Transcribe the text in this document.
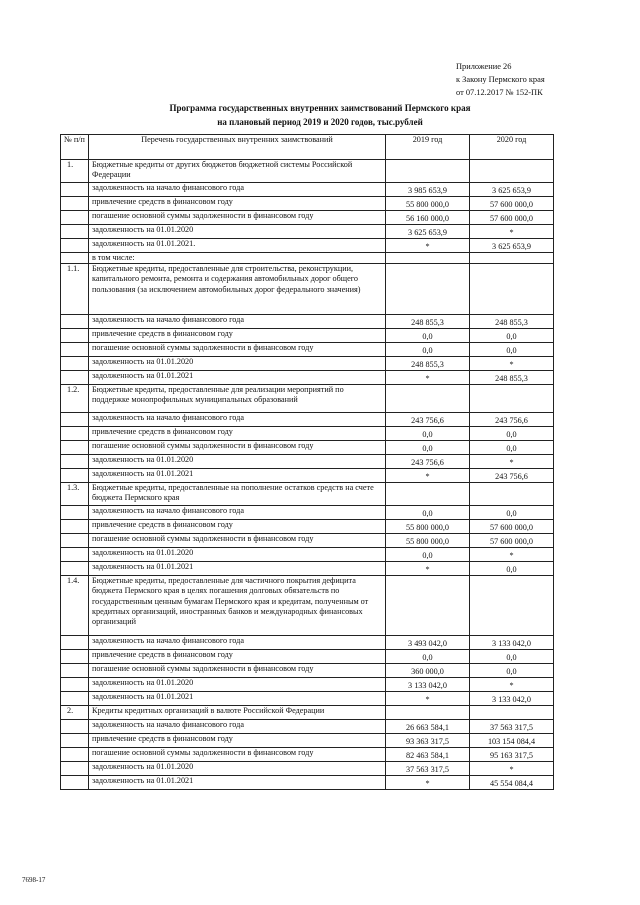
Приложение 26
к Закону Пермского края
от 07.12.2017 № 152-ПК
Программа государственных внутренних заимствований Пермского края
на плановый период 2019 и 2020 годов, тыс.рублей
№ п/п	Перечень государственных внутренних заимствований	2019 год	2020 год
1.	Бюджетные кредиты от других бюджетов бюджетной системы Российской Федерации		
	задолженность на начало финансового года	3 985 653,9	3 625 653,9
	привлечение средств в финансовом году	55 800 000,0	57 600 000,0
	погашение основной суммы задолженности в финансовом году	56 160 000,0	57 600 000,0
	задолженность на 01.01.2020	3 625 653,9	*
	задолженность на 01.01.2021.	*	3 625 653,9
	в том числе:		
1.1.	Бюджетные кредиты, предоставленные для строительства, реконструкции, капитального ремонта, ремонта и содержания автомобильных дорог общего пользования (за исключением автомобильных дорог федерального значения)		
	задолженность на начало финансового года	248 855,3	248 855,3
	привлечение средств в финансовом году	0,0	0,0
	погашение основной суммы задолженности в финансовом году	0,0	0,0
	задолженность на 01.01.2020	248 855,3	*
	задолженность на 01.01.2021	*	248 855,3
1.2.	Бюджетные кредиты, предоставленные для реализации мероприятий по поддержке монопрофильных муниципальных образований		
	задолженность на начало финансового года	243 756,6	243 756,6
	привлечение средств в финансовом году	0,0	0,0
	погашение основной суммы задолженности в финансовом году	0,0	0,0
	задолженность на 01.01.2020	243 756,6	*
	задолженность на 01.01.2021	*	243 756,6
1.3.	Бюджетные кредиты, предоставленные на пополнение остатков средств на счете бюджета Пермского края		
	задолженность на начало финансового года	0,0	0,0
	привлечение средств в финансовом году	55 800 000,0	57 600 000,0
	погашение основной суммы задолженности в финансовом году	55 800 000,0	57 600 000,0
	задолженность на 01.01.2020	0,0	*
	задолженность на 01.01.2021	*	0,0
1.4.	Бюджетные кредиты, предоставленные для частичного покрытия дефицита бюджета Пермского края в целях погашения долговых обязательств по государственным ценным бумагам Пермского края и кредитам, полученным от кредитных организаций, иностранных банков и международных финансовых организаций		
	задолженность на начало финансового года	3 493 042,0	3 133 042,0
	привлечение средств в финансовом году	0,0	0,0
	погашение основной суммы задолженности в финансовом году	360 000,0	0,0
	задолженность на 01.01.2020	3 133 042,0	*
	задолженность на 01.01.2021	*	3 133 042,0
2.	Кредиты кредитных организаций в валюте Российской Федерации		
	задолженность на начало финансового года	26 663 584,1	37 563 317,5
	привлечение средств в финансовом году	93 363 317,5	103 154 084,4
	погашение основной суммы задолженности в финансовом году	82 463 584,1	95 163 317,5
	задолженность на 01.01.2020	37 563 317,5	*
	задолженность на 01.01.2021	*	45 554 084,4
7698-17
